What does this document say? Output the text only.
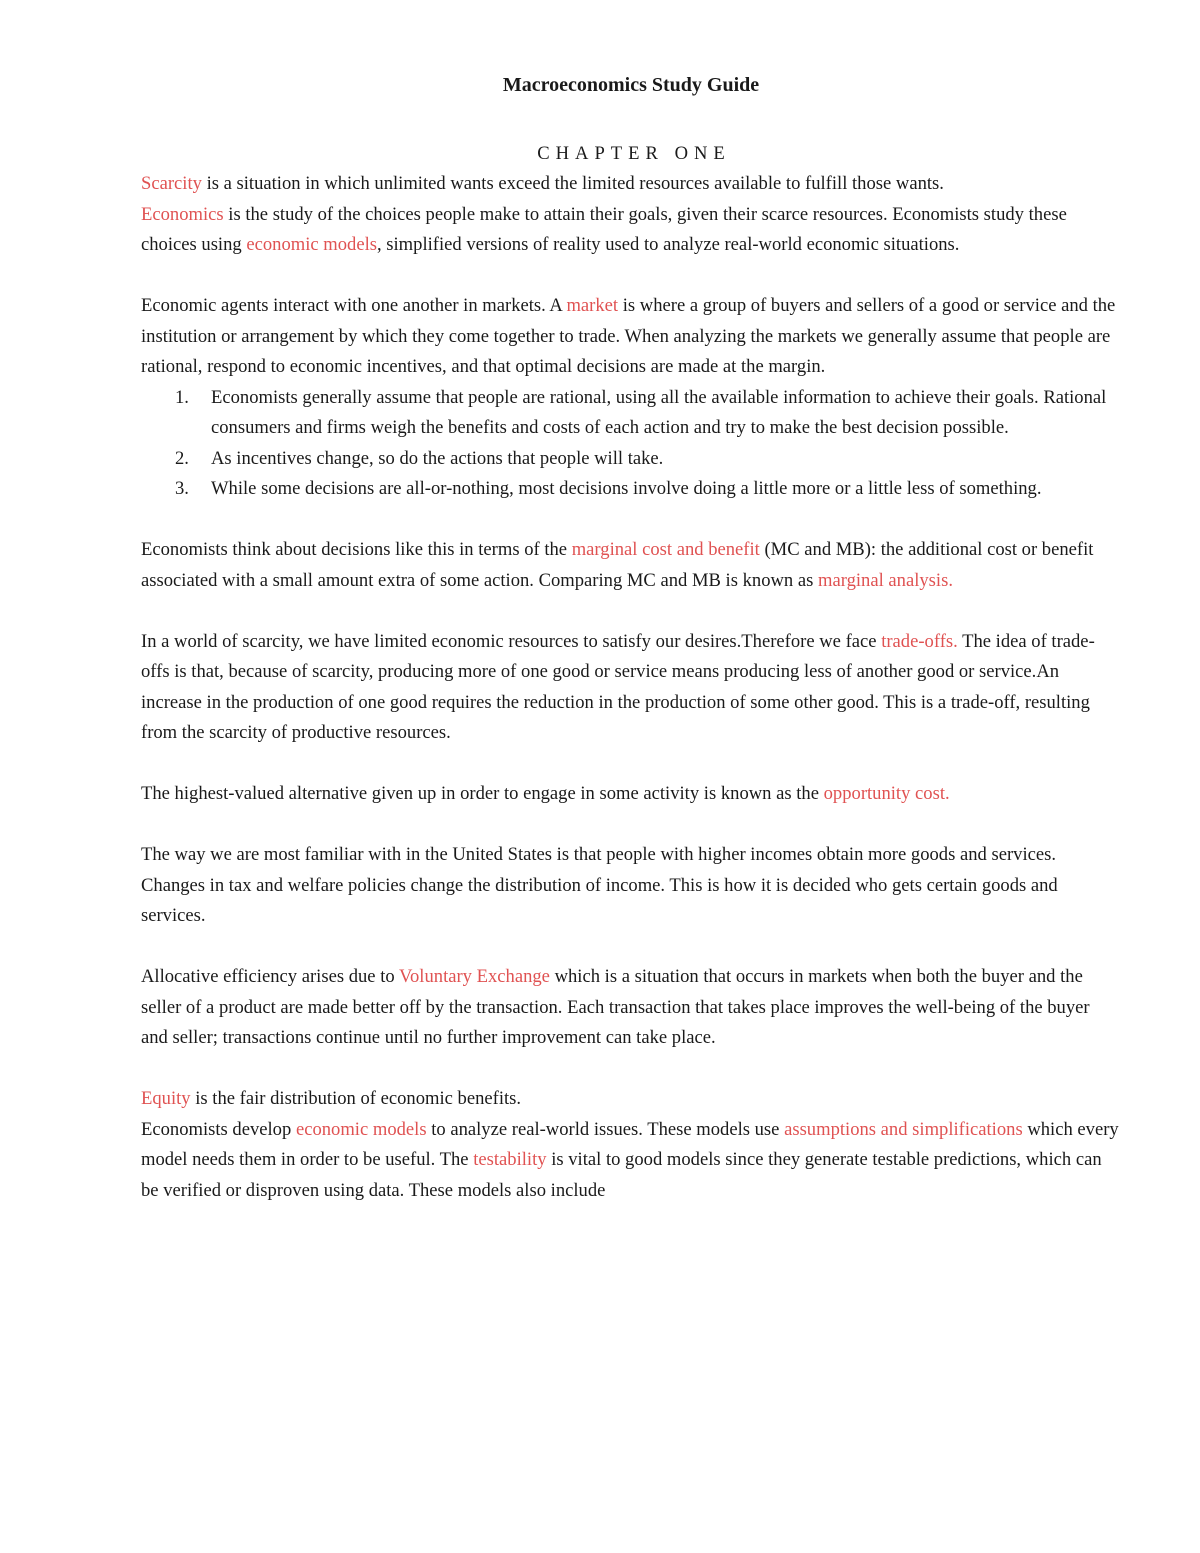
Macroeconomics Study Guide
CHAPTER ONE

Scarcity is a situation in which unlimited wants exceed the limited resources available to fulfill those wants.

Economics is the study of the choices people make to attain their goals, given their scarce resources. Economists study these choices using economic models, simplified versions of reality used to analyze real-world economic situations.

Economic agents interact with one another in markets. A market is where a group of buyers and sellers of a good or service and the institution or arrangement by which they come together to trade. When analyzing the markets we generally assume that people are rational, respond to economic incentives, and that optimal decisions are made at the margin.

1. Economists generally assume that people are rational, using all the available information to achieve their goals. Rational consumers and firms weigh the benefits and costs of each action and try to make the best decision possible.
2. As incentives change, so do the actions that people will take.
3. While some decisions are all-or-nothing, most decisions involve doing a little more or a little less of something.

Economists think about decisions like this in terms of the marginal cost and benefit (MC and MB): the additional cost or benefit associated with a small amount extra of some action. Comparing MC and MB is known as marginal analysis.

In a world of scarcity, we have limited economic resources to satisfy our desires.Therefore we face trade-offs. The idea of trade-offs is that, because of scarcity, producing more of one good or service means producing less of another good or service.An increase in the production of one good requires the reduction in the production of some other good. This is a trade-off, resulting from the scarcity of productive resources.

The highest-valued alternative given up in order to engage in some activity is known as the opportunity cost.

The way we are most familiar with in the United States is that people with higher incomes obtain more goods and services. Changes in tax and welfare policies change the distribution of income. This is how it is decided who gets certain goods and services.

Allocative efficiency arises due to Voluntary Exchange which is a situation that occurs in markets when both the buyer and the seller of a product are made better off by the transaction. Each transaction that takes place improves the well-being of the buyer and seller; transactions continue until no further improvement can take place.

Equity is the fair distribution of economic benefits.

Economists develop economic models to analyze real-world issues. These models use assumptions and simplifications which every model needs them in order to be useful. The testability is vital to good models since they generate testable predictions, which can be verified or disproven using data. These models also include
